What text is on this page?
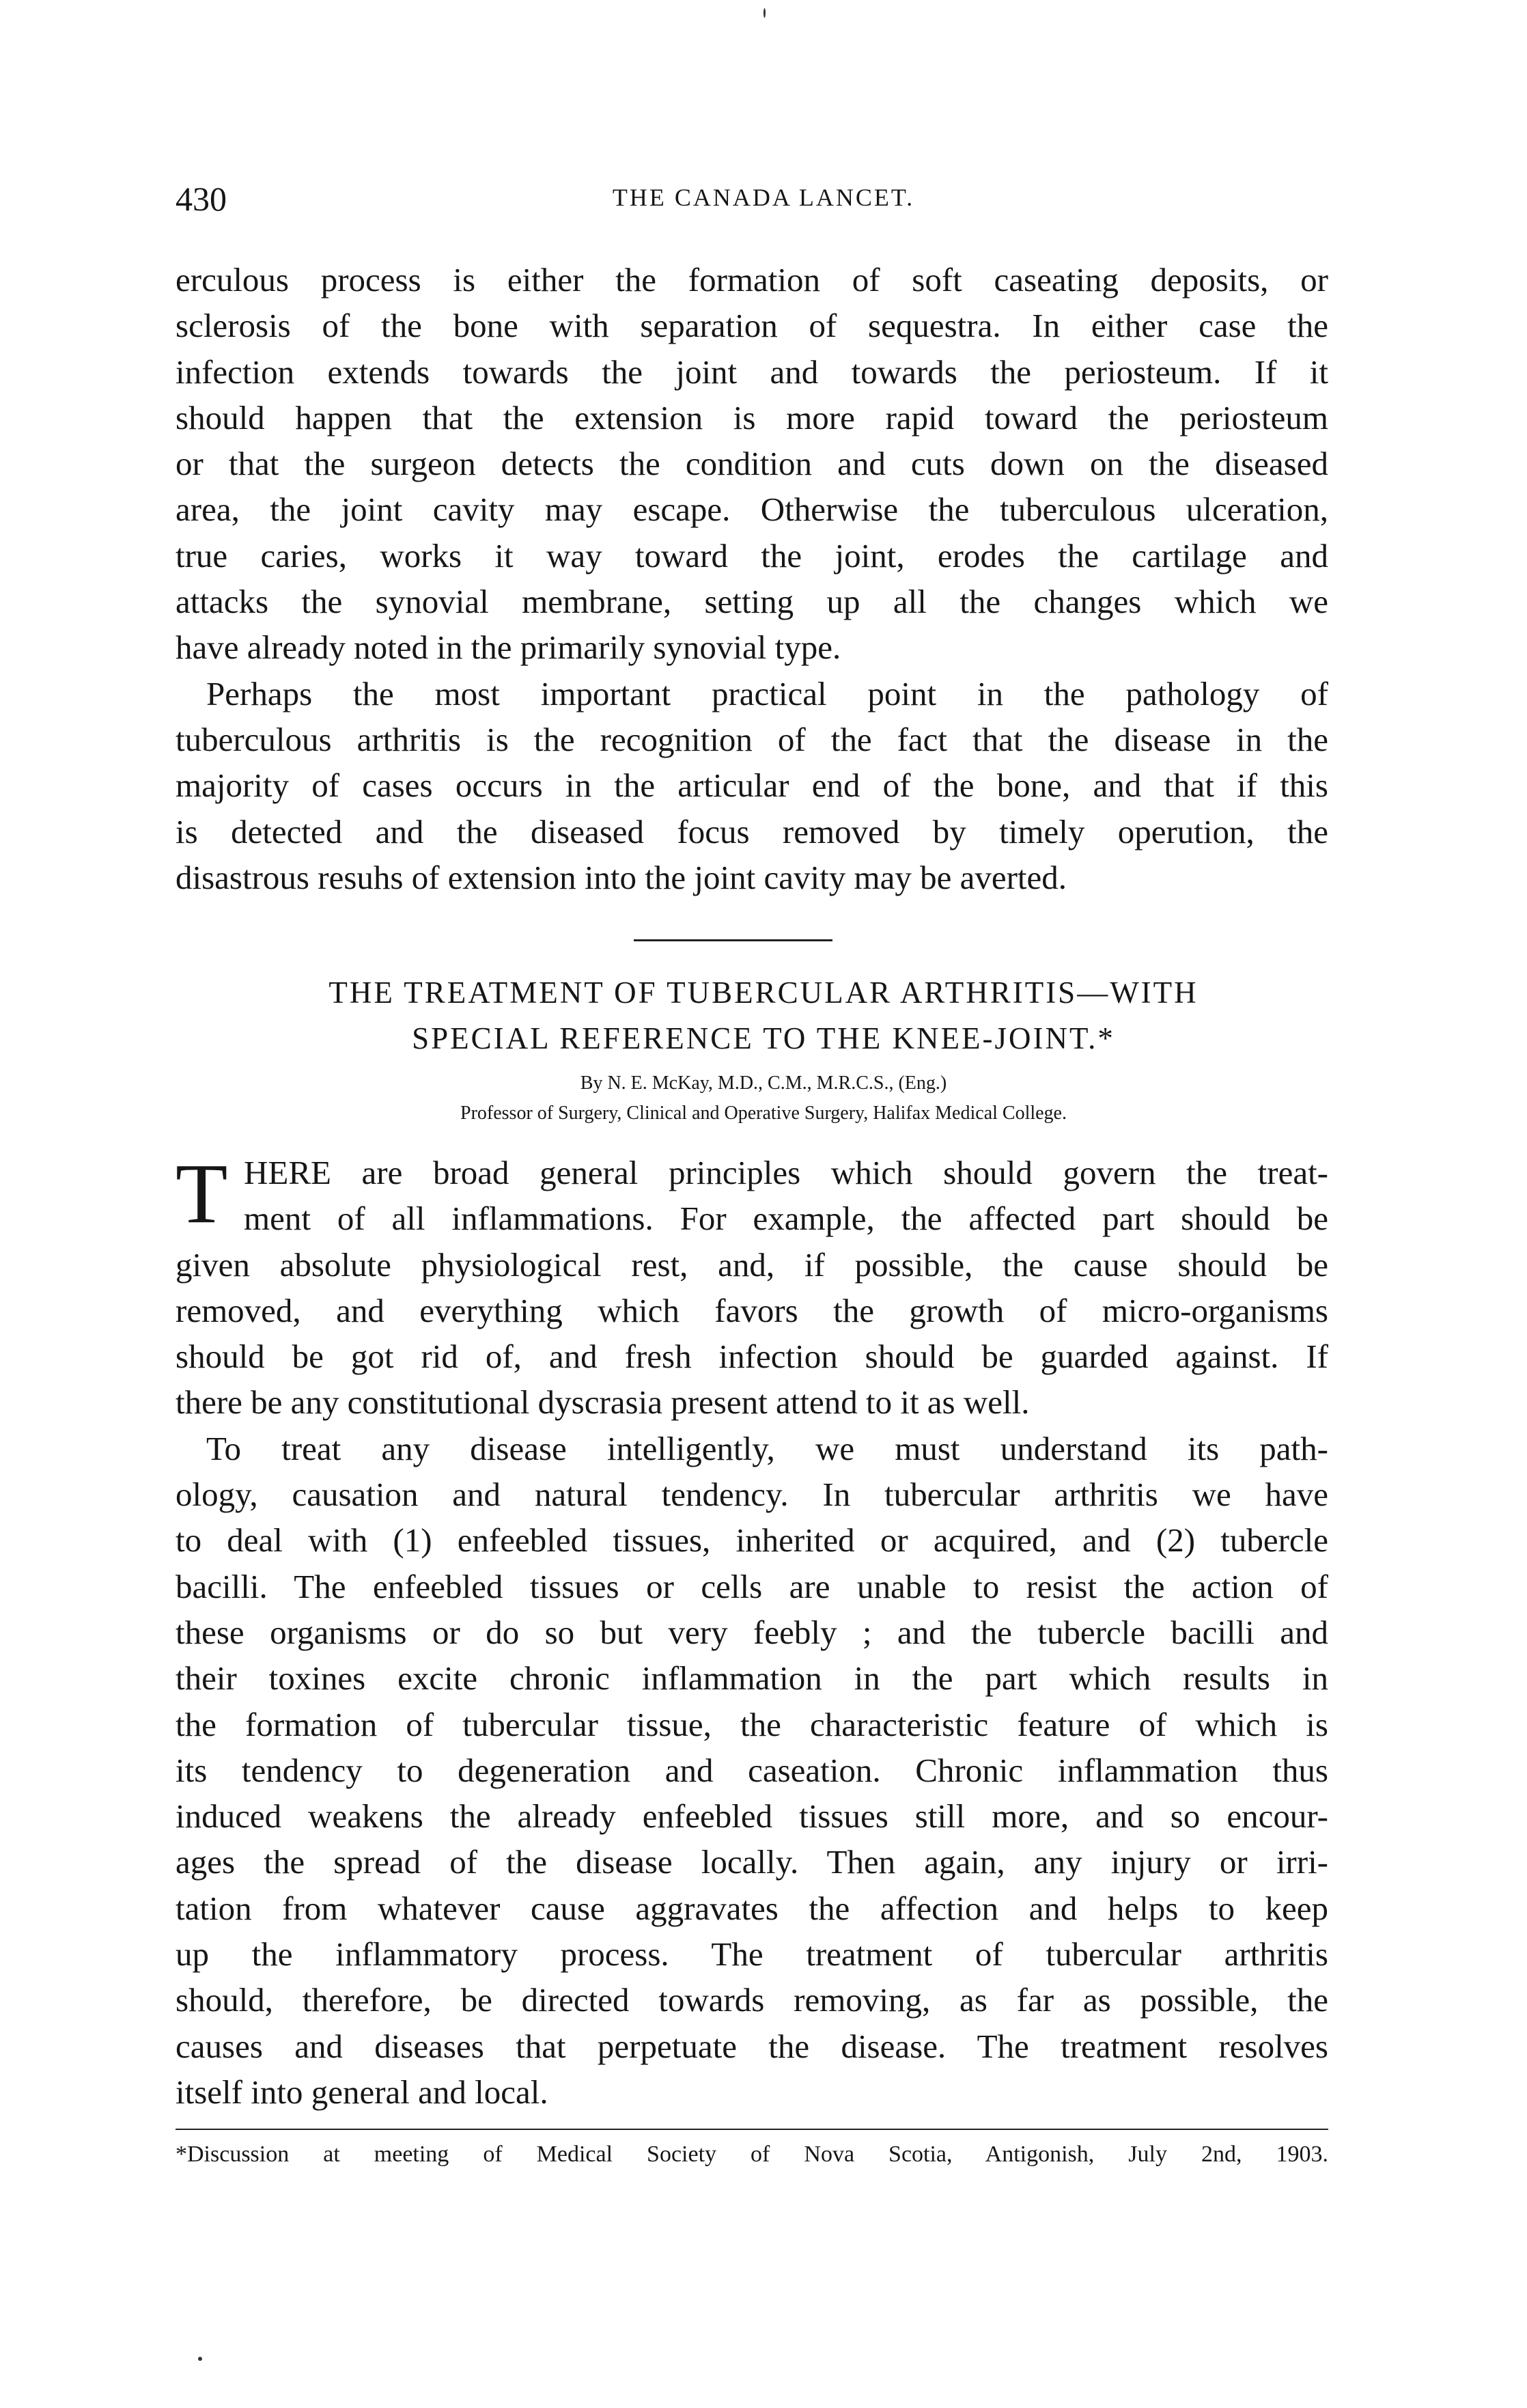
430	THE CANADA LANCET.
erculous process is either the formation of soft caseating deposits, or
sclerosis of the bone with separation of sequestra. In either case the
infection extends towards the joint and towards the periosteum. If it
should happen that the extension is more rapid toward the periosteum
or that the surgeon detects the condition and cuts down on the diseased
area, the joint cavity may escape. Otherwise the tuberculous ulceration,
true caries, works it way toward the joint, erodes the cartilage and
attacks the synovial membrane, setting up all the changes which we
have already noted in the primarily synovial type.
Perhaps the most important practical point in the pathology of
tuberculous arthritis is the recognition of the fact that the disease in the
majority of cases occurs in the articular end of the bone, and that if this
is detected and the diseased focus removed by timely operution, the
disastrous resuhs of extension into the joint cavity may be averted.
THE TREATMENT OF TUBERCULAR ARTHRITIS—WITH
SPECIAL REFERENCE TO THE KNEE-JOINT.*
By N. E. McKay, M.D., C.M., M.R.C.S., (Eng.)
Professor of Surgery, Clinical and Operative Surgery, Halifax Medical College.
T HERE are broad general principles which should govern the treat-
ment of all inflammations. For example, the affected part should be
given absolute physiological rest, and, if possible, the cause should be
removed, and everything which favors the growth of micro-organisms
should be got rid of, and fresh infection should be guarded against. If
there be any constitutional dyscrasia present attend to it as well.
To treat any disease intelligently, we must understand its path-
ology, causation and natural tendency. In tubercular arthritis we have
to deal with (1) enfeebled tissues, inherited or acquired, and (2) tubercle
bacilli. The enfeebled tissues or cells are unable to resist the action of
these organisms or do so but very feebly ; and the tubercle bacilli and
their toxines excite chronic inflammation in the part which results in
the formation of tubercular tissue, the characteristic feature of which is
its tendency to degeneration and caseation. Chronic inflammation thus
induced weakens the already enfeebled tissues still more, and so encour-
ages the spread of the disease locally. Then again, any injury or irri-
tation from whatever cause aggravates the affection and helps to keep
up the inflammatory process. The treatment of tubercular arthritis
should, therefore, be directed towards removing, as far as possible, the
causes and diseases that perpetuate the disease. The treatment resolves
itself into general and local.
*Discussion at meeting of Medical Society of Nova Scotia, Antigonish, July 2nd, 1903.
